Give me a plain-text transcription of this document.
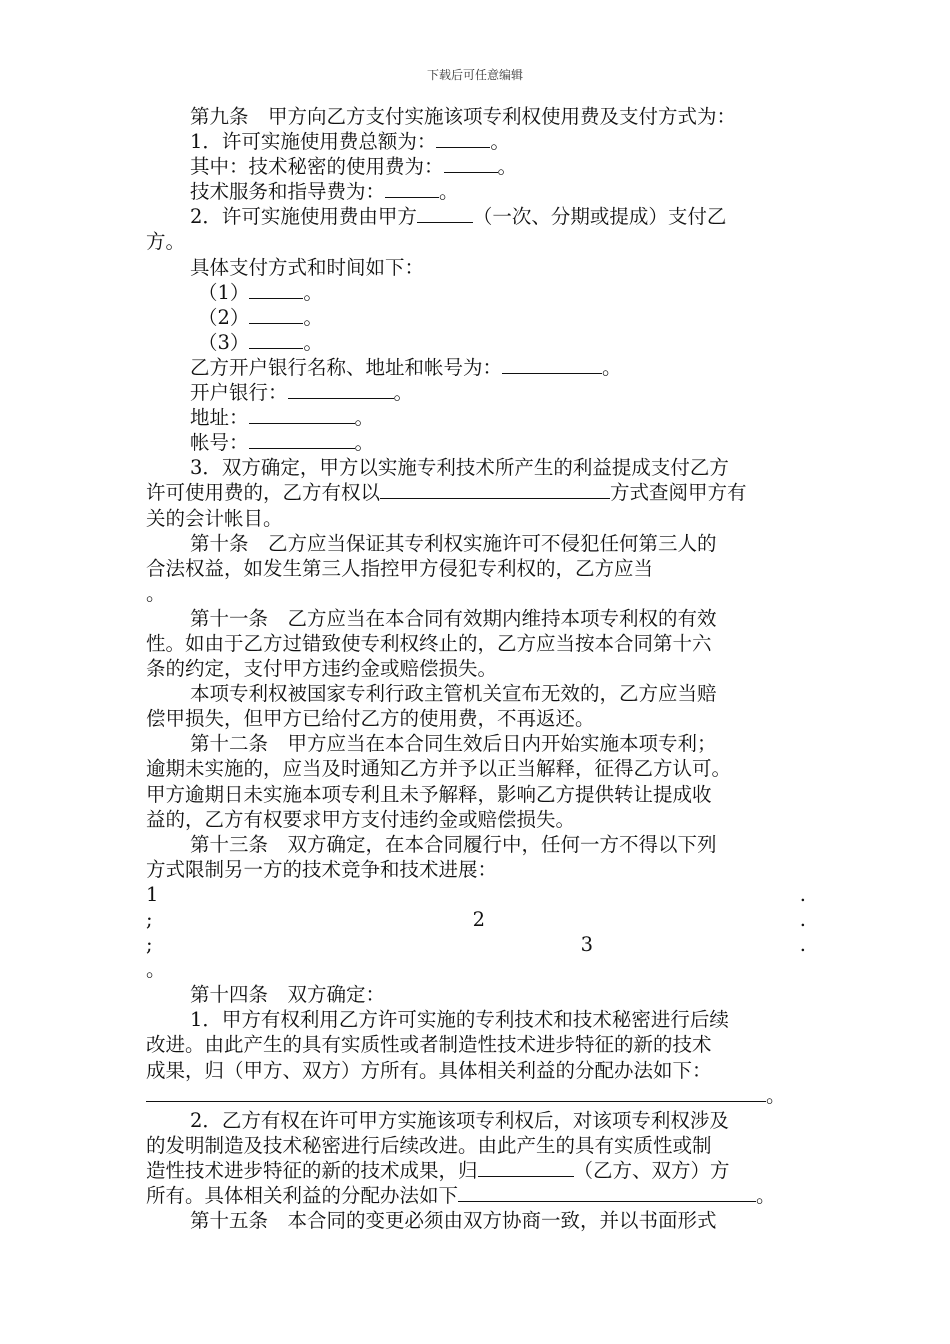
下载后可任意编辑
第九条　甲方向乙方支付实施该项专利权使用费及支付方式为：
1．许可实施使用费总额为：	。
其中：技术秘密的使用费为：	。
技术服务和指导费为：	。
2．许可实施使用费由甲方	（一次、分期或提成）支付乙
方。
具体支付方式和时间如下：
（1）	。
（2）	。
（3）	。
乙方开户银行名称、地址和帐号为：	。
开户银行：	。
地址：	。
帐号：	。
3．双方确定，甲方以实施专利技术所产生的利益提成支付乙方
许可使用费的，乙方有权以	方式查阅甲方有
关的会计帐目。
第十条　乙方应当保证其专利权实施许可不侵犯任何第三人的
合法权益，如发生第三人指控甲方侵犯专利权的，乙方应当
。
第十一条　乙方应当在本合同有效期内维持本项专利权的有效
性。如由于乙方过错致使专利权终止的，乙方应当按本合同第十六
条的约定，支付甲方违约金或赔偿损失。
本项专利权被国家专利行政主管机关宣布无效的，乙方应当赔
偿甲损失，但甲方已给付乙方的使用费，不再返还。
第十二条　甲方应当在本合同生效后日内开始实施本项专利；
逾期未实施的，应当及时通知乙方并予以正当解释，征得乙方认可。
甲方逾期日未实施本项专利且未予解释，影响乙方提供转让提成收
益的，乙方有权要求甲方支付违约金或赔偿损失。
第十三条　双方确定，在本合同履行中，任何一方不得以下列
方式限制另一方的技术竞争和技术进展：
1	.
;	2	.
;	3	.
。
第十四条　双方确定：
1．甲方有权利用乙方许可实施的专利技术和技术秘密进行后续
改进。由此产生的具有实质性或者制造性技术进步特征的新的技术
成果，归（甲方、双方）方所有。具体相关利益的分配办法如下：
。
2．乙方有权在许可甲方实施该项专利权后，对该项专利权涉及
的发明制造及技术秘密进行后续改进。由此产生的具有实质性或制
造性技术进步特征的新的技术成果，归	（乙方、双方）方
所有。具体相关利益的分配办法如下	。
第十五条　本合同的变更必须由双方协商一致，并以书面形式
